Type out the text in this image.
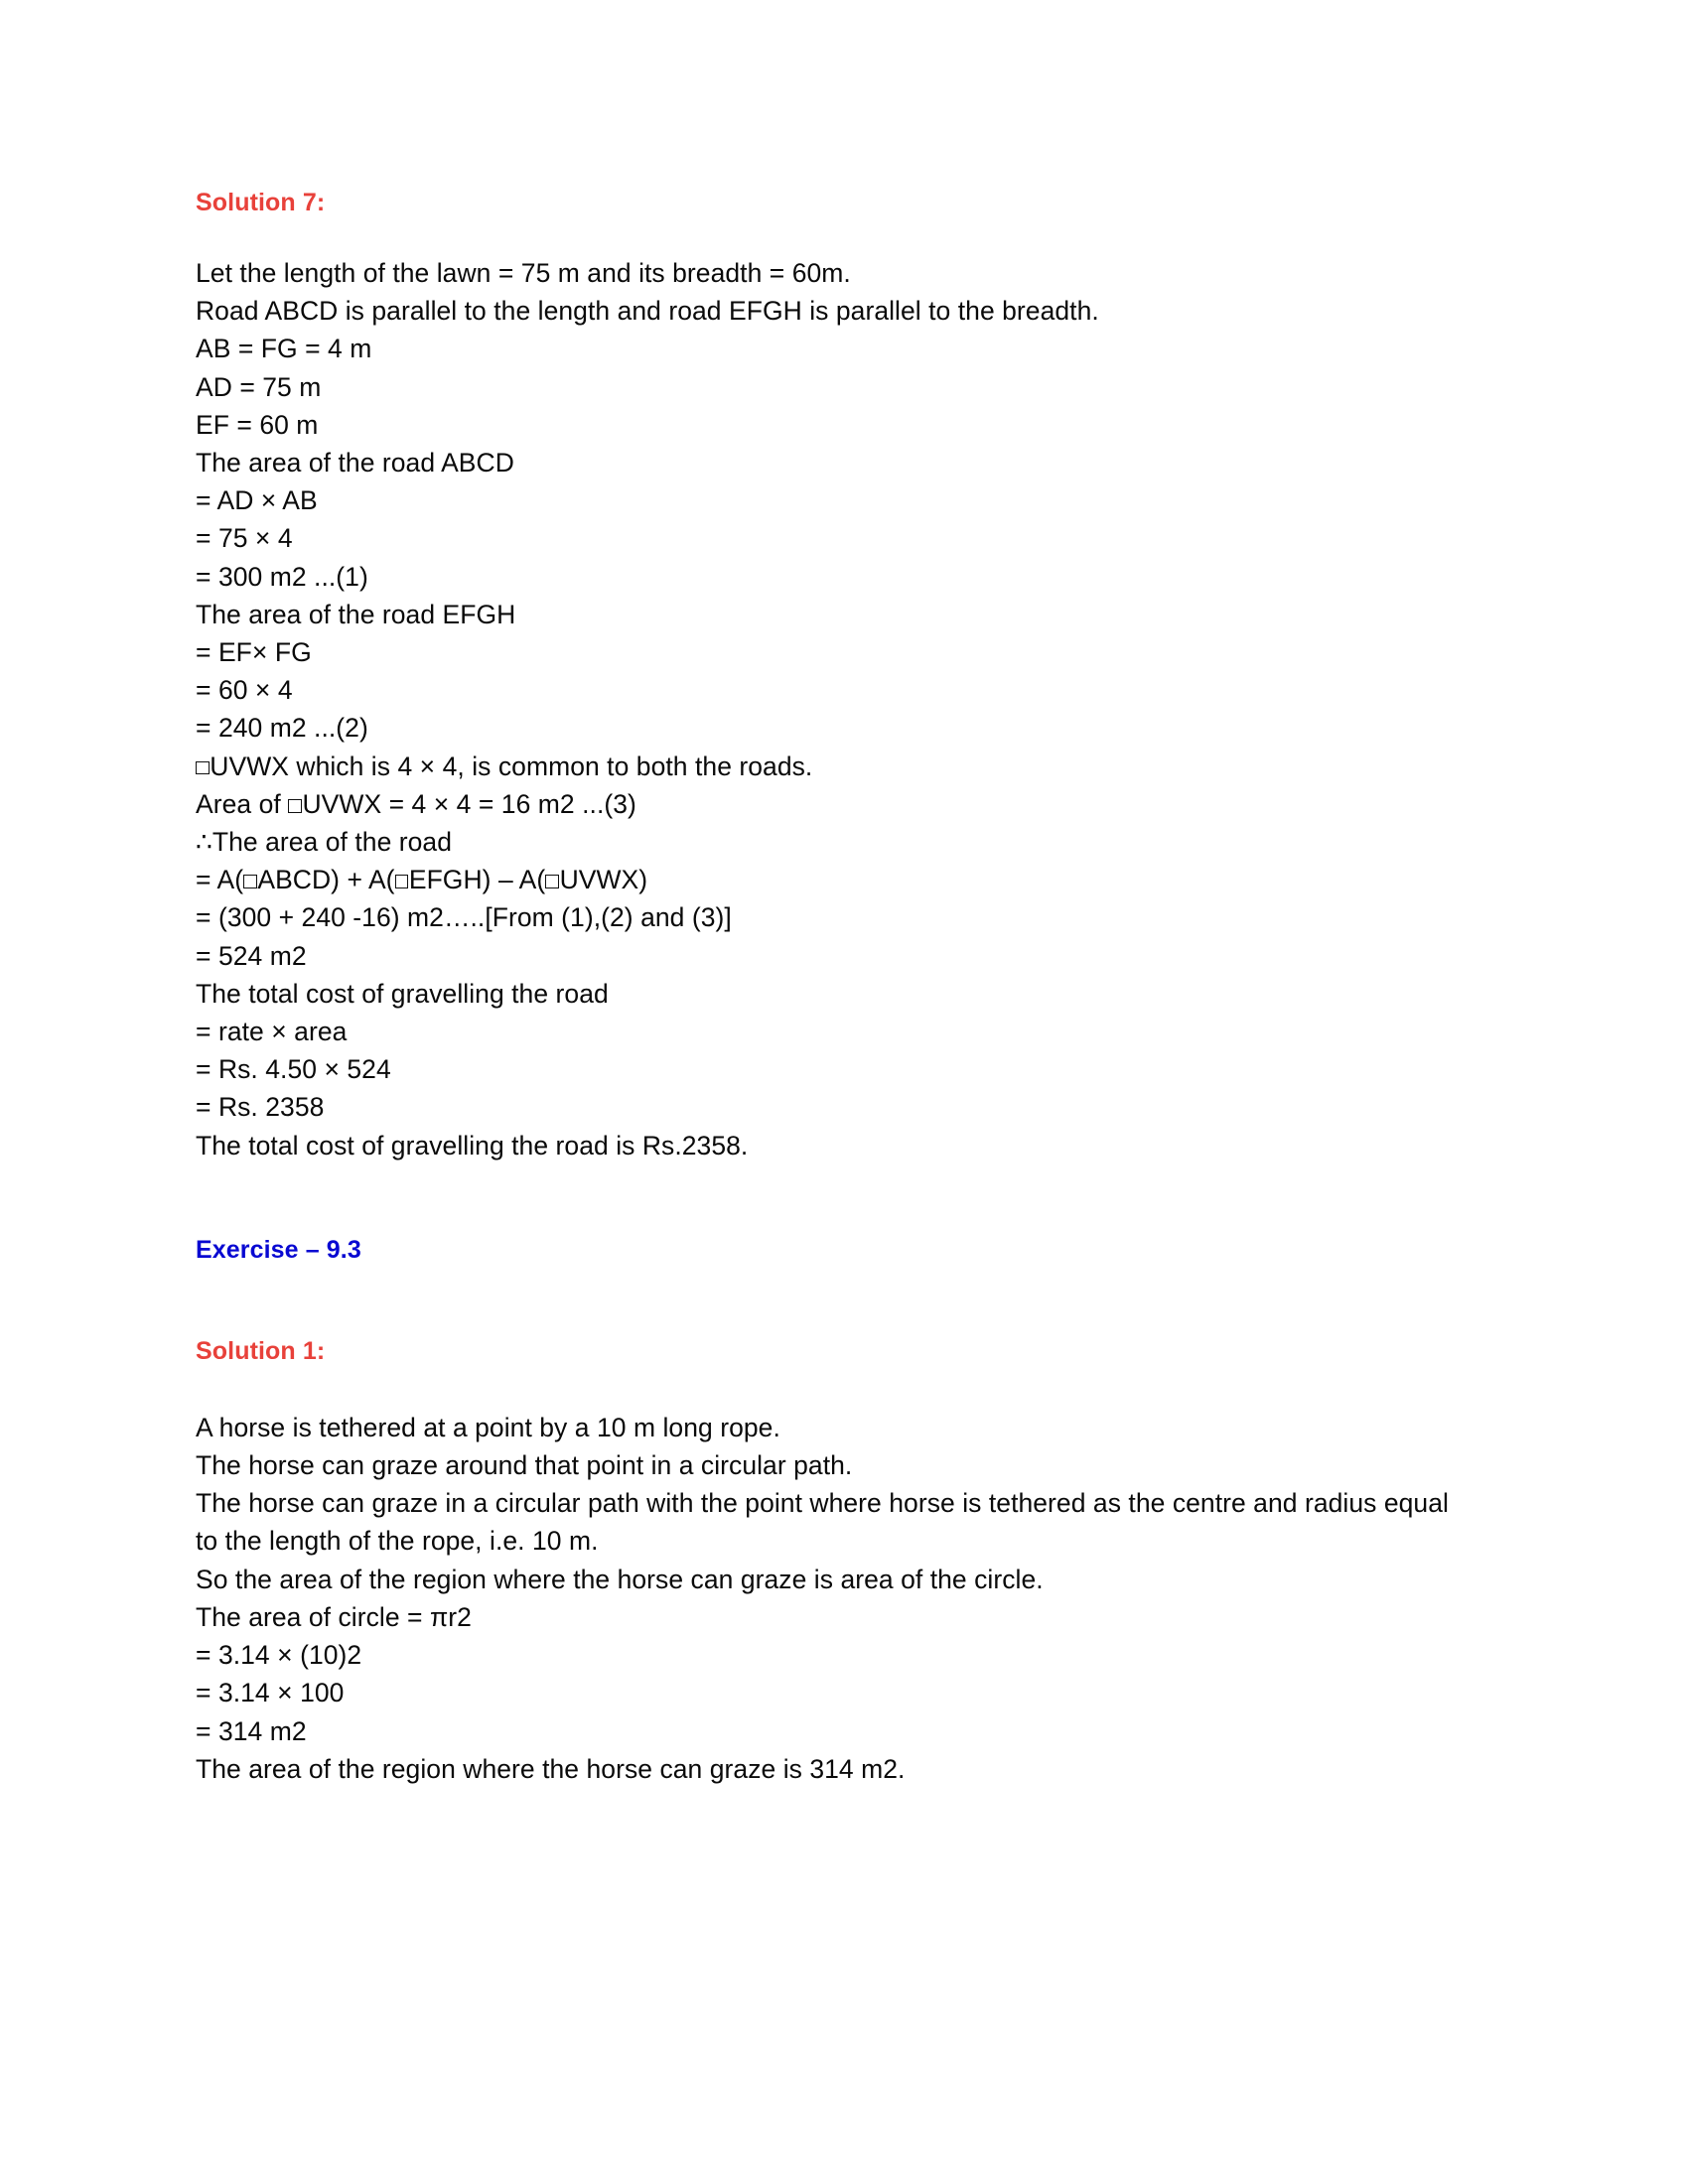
Solution 7:
Let the length of the lawn = 75 m and its breadth = 60m.
Road ABCD is parallel to the length and road EFGH is parallel to the breadth.
AB = FG = 4 m
AD = 75 m
EF = 60 m
The area of the road ABCD
= AD × AB
= 75 × 4
= 300 m2 ...(1)
The area of the road EFGH
= EF× FG
= 60 × 4
= 240 m2 ...(2)
UVWX which is 4 × 4, is common to both the roads.
Area of UVWX = 4 × 4 = 16 m2 ...(3)
∴The area of the road
= A( ABCD) + A( EFGH) – A( UVWX)
= (300 + 240 -16) m2…..[From (1),(2) and (3)]
= 524 m2
The total cost of gravelling the road
= rate × area
= Rs. 4.50 × 524
= Rs. 2358
The total cost of gravelling the road is Rs.2358.
Exercise – 9.3
Solution 1:
A horse is tethered at a point by a 10 m long rope.
The horse can graze around that point in a circular path.
The horse can graze in a circular path with the point where horse is tethered as the centre and radius equal to the length of the rope, i.e. 10 m.
So the area of the region where the horse can graze is area of the circle.
The area of circle = πr2
= 3.14 × (10)2
= 3.14 × 100
= 314 m2
The area of the region where the horse can graze is 314 m2.
